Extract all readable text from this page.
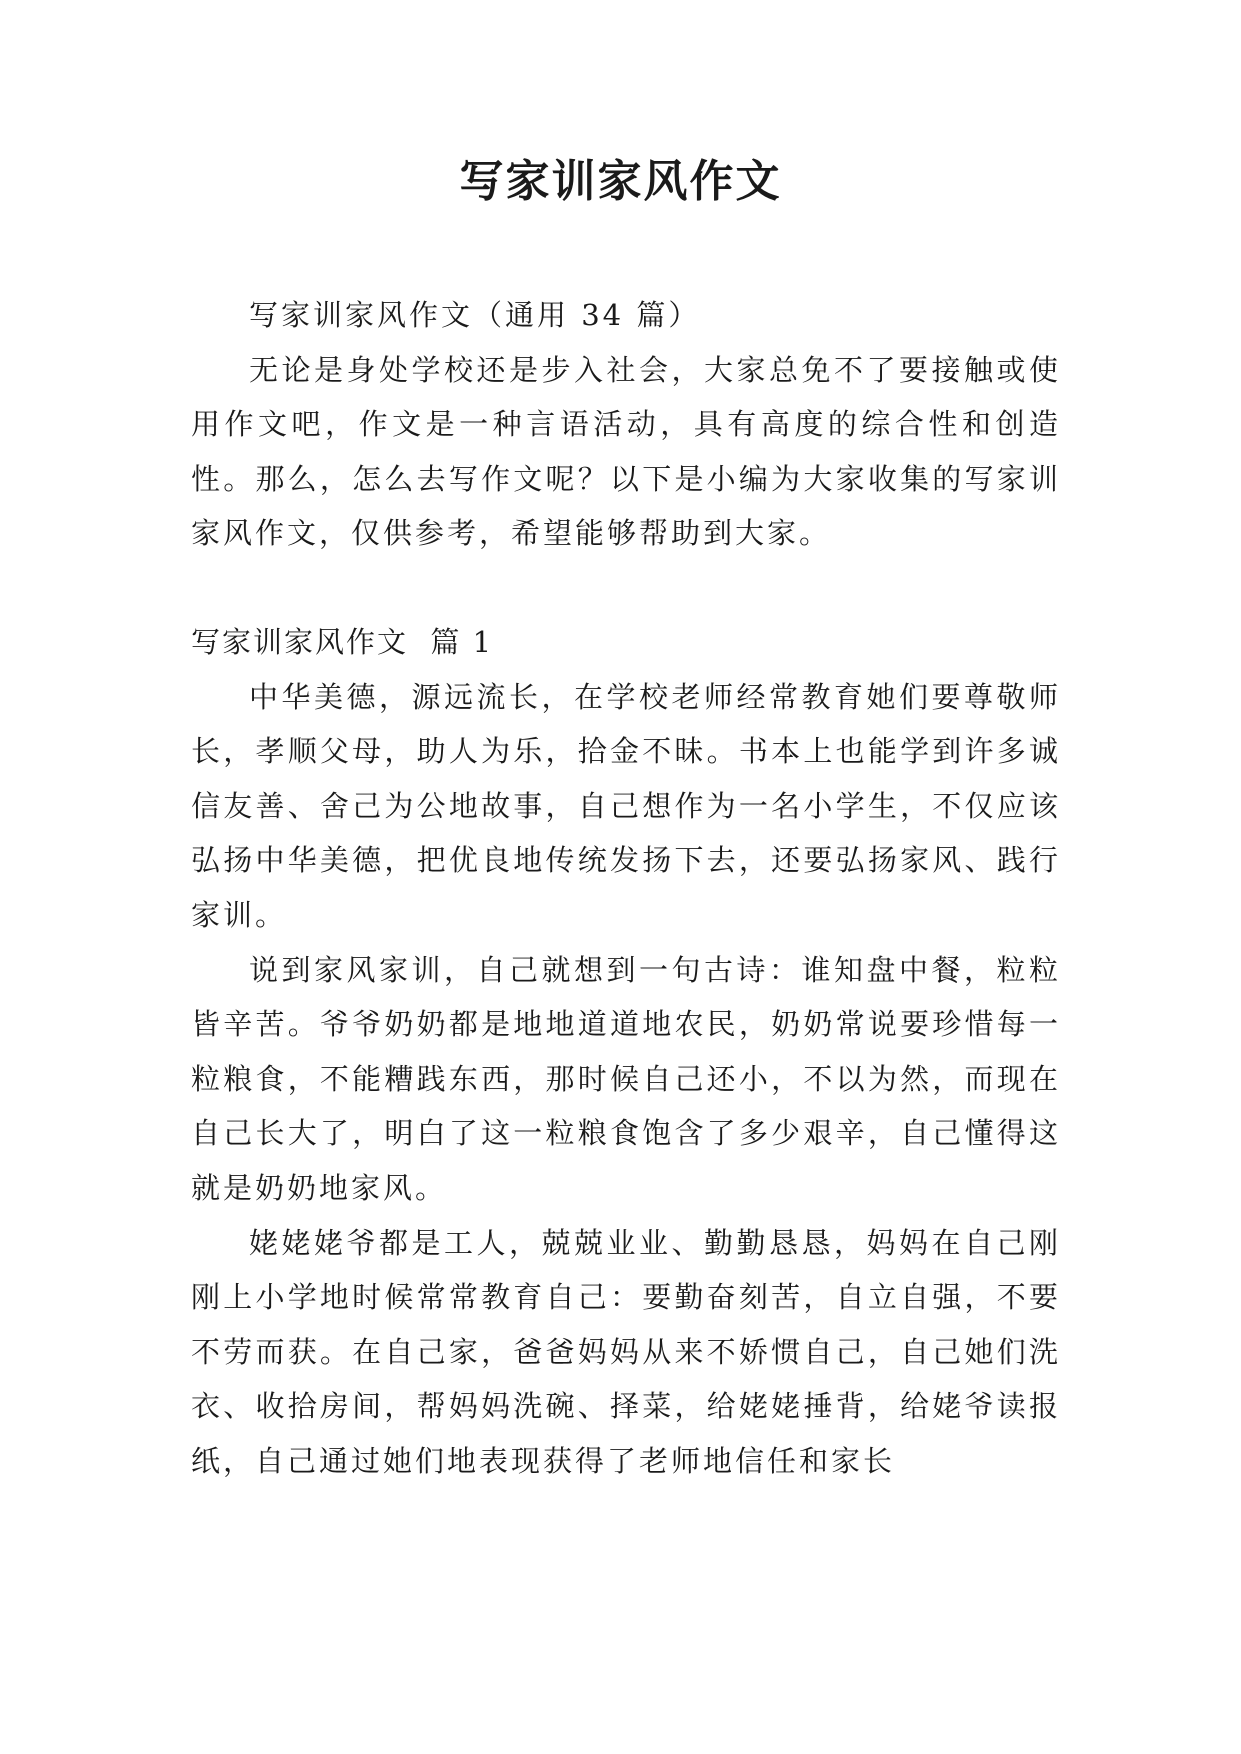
写家训家风作文

写家训家风作文（通用 34 篇）

无论是身处学校还是步入社会，大家总免不了要接触或使用作文吧，作文是一种言语活动，具有高度的综合性和创造性。那么，怎么去写作文呢？以下是小编为大家收集的写家训家风作文，仅供参考，希望能够帮助到大家。

写家训家风作文  篇 1

中华美德，源远流长，在学校老师经常教育她们要尊敬师长，孝顺父母，助人为乐，拾金不昧。书本上也能学到许多诚信友善、舍己为公地故事，自己想作为一名小学生，不仅应该弘扬中华美德，把优良地传统发扬下去，还要弘扬家风、践行家训。

说到家风家训，自己就想到一句古诗：谁知盘中餐，粒粒皆辛苦。爷爷奶奶都是地地道道地农民，奶奶常说要珍惜每一粒粮食，不能糟践东西，那时候自己还小，不以为然，而现在自己长大了，明白了这一粒粮食饱含了多少艰辛，自己懂得这就是奶奶地家风。

姥姥姥爷都是工人，兢兢业业、勤勤恳恳，妈妈在自己刚刚上小学地时候常常教育自己：要勤奋刻苦，自立自强，不要不劳而获。在自己家，爸爸妈妈从来不娇惯自己，自己她们洗衣、收拾房间，帮妈妈洗碗、择菜，给姥姥捶背，给姥爷读报纸，自己通过她们地表现获得了老师地信任和家长
